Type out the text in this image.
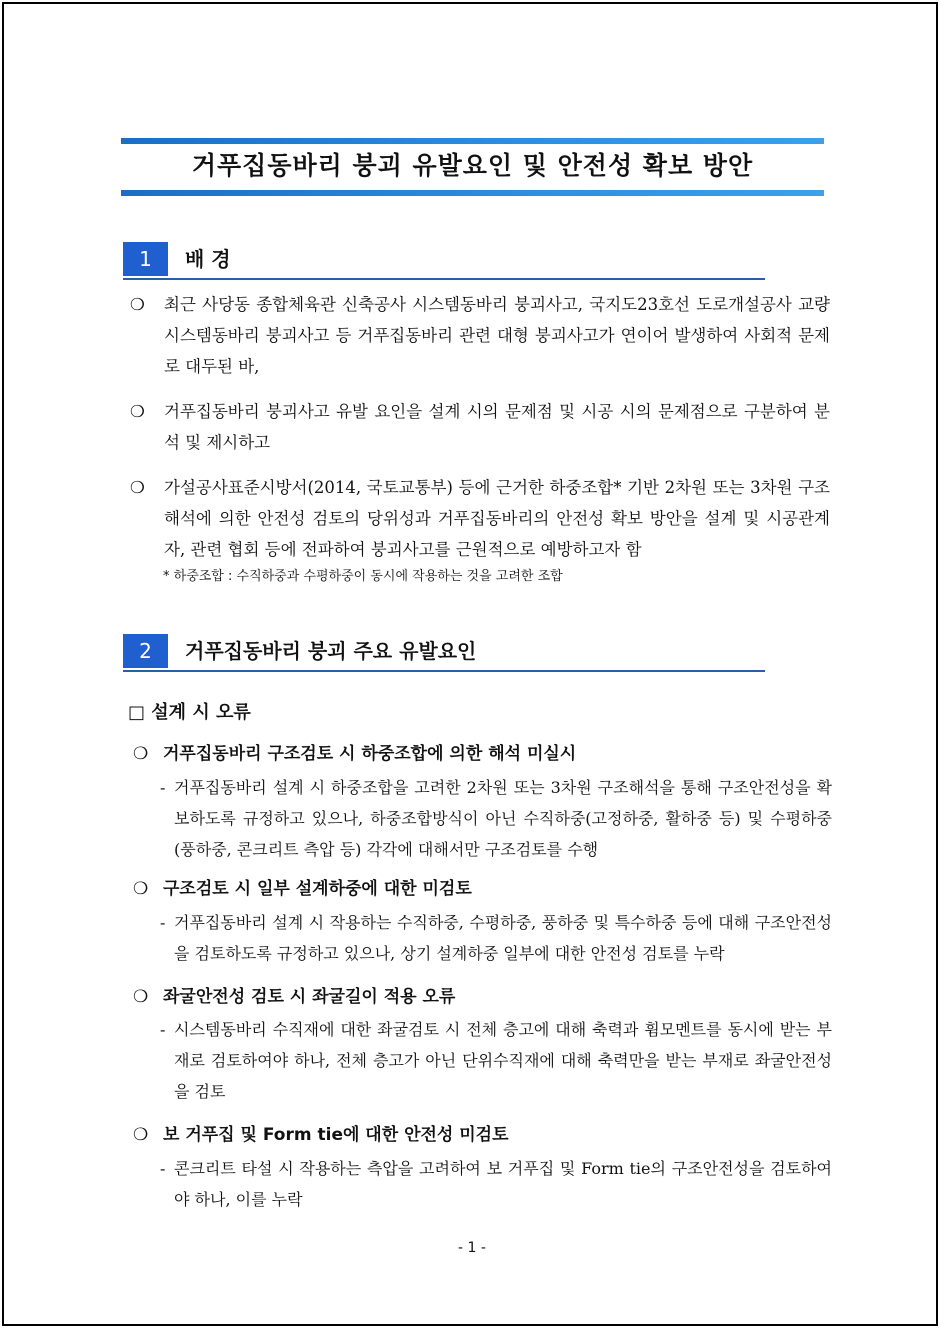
거푸집동바리 붕괴 유발요인 및 안전성 확보 방안
1	배 경
❍ 최근 사당동 종합체육관 신축공사 시스템동바리 붕괴사고, 국지도23호선 도로개설공사 교량 시스템동바리 붕괴사고 등 거푸집동바리 관련 대형 붕괴사고가 연이어 발생하여 사회적 문제로 대두된 바,
❍ 거푸집동바리 붕괴사고 유발 요인을 설계 시의 문제점 및 시공 시의 문제점으로 구분하여 분석 및 제시하고
❍ 가설공사표준시방서(2014, 국토교통부) 등에 근거한 하중조합* 기반 2차원 또는 3차원 구조해석에 의한 안전성 검토의 당위성과 거푸집동바리의 안전성 확보 방안을 설계 및 시공관계자, 관련 협회 등에 전파하여 붕괴사고를 근원적으로 예방하고자 함
* 하중조합 : 수직하중과 수평하중이 동시에 작용하는 것을 고려한 조합
2	거푸집동바리 붕괴 주요 유발요인
□ 설계 시 오류
❍ 거푸집동바리 구조검토 시 하중조합에 의한 해석 미실시
- 거푸집동바리 설계 시 하중조합을 고려한 2차원 또는 3차원 구조해석을 통해 구조안전성을 확보하도록 규정하고 있으나, 하중조합방식이 아닌 수직하중(고정하중, 활하중 등) 및 수평하중(풍하중, 콘크리트 측압 등) 각각에 대해서만 구조검토를 수행
❍ 구조검토 시 일부 설계하중에 대한 미검토
- 거푸집동바리 설계 시 작용하는 수직하중, 수평하중, 풍하중 및 특수하중 등에 대해 구조안전성을 검토하도록 규정하고 있으나, 상기 설계하중 일부에 대한 안전성 검토를 누락
❍ 좌굴안전성 검토 시 좌굴길이 적용 오류
- 시스템동바리 수직재에 대한 좌굴검토 시 전체 층고에 대해 축력과 휨모멘트를 동시에 받는 부재로 검토하여야 하나, 전체 층고가 아닌 단위수직재에 대해 축력만을 받는 부재로 좌굴안전성을 검토
❍ 보 거푸집 및 Form tie에 대한 안전성 미검토
- 콘크리트 타설 시 작용하는 측압을 고려하여 보 거푸집 및 Form tie의 구조안전성을 검토하여야 하나, 이를 누락
- 1 -
